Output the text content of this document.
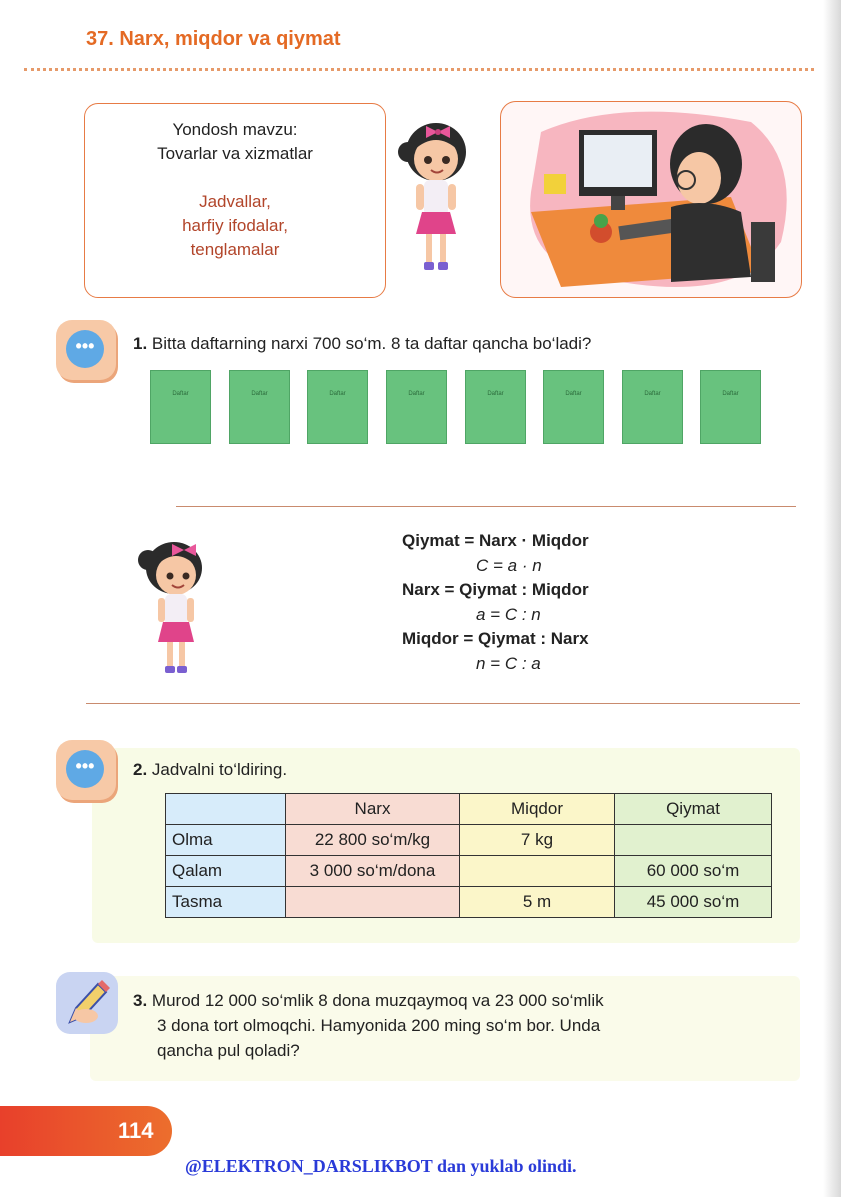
37. Narx, miqdor va qiymat
Yondosh mavzu:
Tovarlar va xizmatlar
Jadvallar,
harfiy ifodalar,
tenglamalar
•••	1. Bitta daftarning narxi 700 so‘m. 8 ta daftar qancha bo‘ladi?
Daftar	Daftar	Daftar	Daftar	Daftar	Daftar	Daftar	Daftar
Qiymat = Narx · Miqdor
C = a · n
Narx = Qiymat : Miqdor
a = C : n
Miqdor = Qiymat : Narx
n = C : a
•••	2. Jadvalni to‘ldiring.
	Narx	Miqdor	Qiymat
Olma	22 800 so‘m/kg	7 kg	
Qalam	3 000 so‘m/dona		60 000 so‘m
Tasma		5 m	45 000 so‘m
3. Murod 12 000 so‘mlik 8 dona muzqaymoq va 23 000 so‘mlik
3 dona tort olmoqchi. Hamyonida 200 ming so‘m bor. Unda
qancha pul qoladi?
114
@ELEKTRON_DARSLIKBOT dan yuklab olindi.
